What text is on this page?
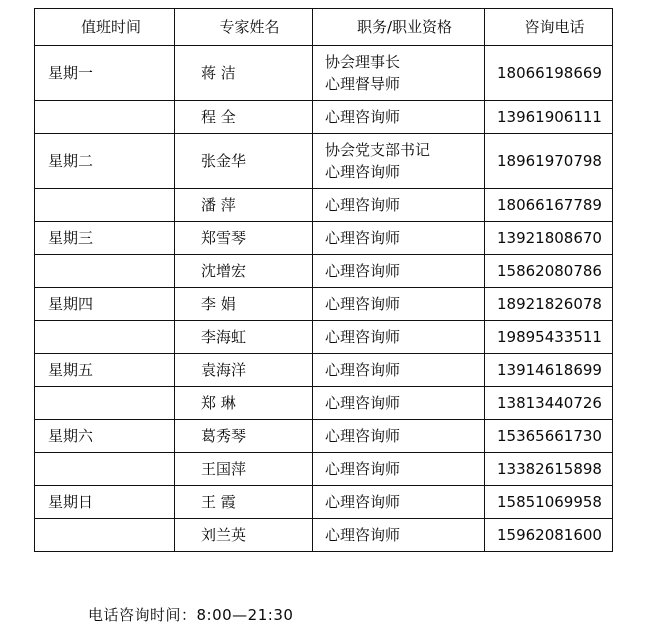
值班时间	专家姓名	职务/职业资格	咨询电话

星期一	蒋 洁	协会理事长
心理督导师	18066198669

	程 全	心理咨询师	13961906111

星期二	张金华	协会党支部书记
心理咨询师	18961970798

	潘 萍	心理咨询师	18066167789

星期三	郑雪琴	心理咨询师	13921808670

	沈增宏	心理咨询师	15862080786

星期四	李 娟	心理咨询师	18921826078

	李海虹	心理咨询师	19895433511

星期五	袁海洋	心理咨询师	13914618699

	郑 琳	心理咨询师	13813440726

星期六	葛秀琴	心理咨询师	15365661730

	王国萍	心理咨询师	13382615898

星期日	王 霞	心理咨询师	15851069958

	刘兰英	心理咨询师	15962081600
电话咨询时间：8:00—21:30
